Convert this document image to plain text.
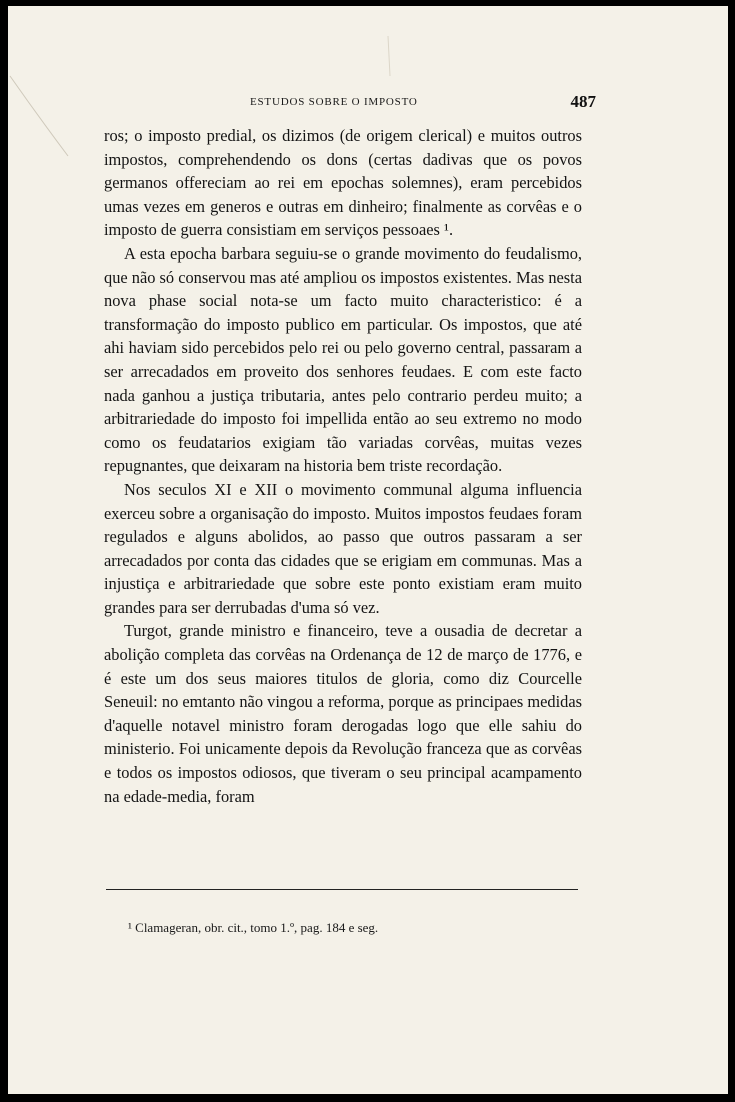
ESTUDOS SOBRE O IMPOSTO	487

ros; o imposto predial, os dizimos (de origem clerical) e muitos outros impostos, comprehendendo os dons (certas dadivas que os povos germanos offereciam ao rei em epochas solemnes), eram percebidos umas vezes em generos e outras em dinheiro; finalmente as corvêas e o imposto de guerra consistiam em serviços pessoaes ¹.

A esta epocha barbara seguiu-se o grande movimento do feudalismo, que não só conservou mas até ampliou os impostos existentes. Mas nesta nova phase social nota-se um facto muito characteristico: é a transformação do imposto publico em particular. Os impostos, que até ahi haviam sido percebidos pelo rei ou pelo governo central, passaram a ser arrecadados em proveito dos senhores feudaes. E com este facto nada ganhou a justiça tributaria, antes pelo contrario perdeu muito; a arbitrariedade do imposto foi impellida então ao seu extremo no modo como os feudatarios exigiam tão variadas corvêas, muitas vezes repugnantes, que deixaram na historia bem triste recordação.

Nos seculos XI e XII o movimento communal alguma influencia exerceu sobre a organisação do imposto. Muitos impostos feudaes foram regulados e alguns abolidos, ao passo que outros passaram a ser arrecadados por conta das cidades que se erigiam em communas. Mas a injustiça e arbitrariedade que sobre este ponto existiam eram muito grandes para ser derrubadas d'uma só vez.

Turgot, grande ministro e financeiro, teve a ousadia de decretar a abolição completa das corvêas na Ordenança de 12 de março de 1776, e é este um dos seus maiores titulos de gloria, como diz Courcelle Seneuil: no emtanto não vingou a reforma, porque as principaes medidas d'aquelle notavel ministro foram derogadas logo que elle sahiu do ministerio. Foi unicamente depois da Revolução franceza que as corvêas e todos os impostos odiosos, que tiveram o seu principal acampamento na edade-media, foram

¹ Clamageran, obr. cit., tomo 1.º, pag. 184 e seg.
